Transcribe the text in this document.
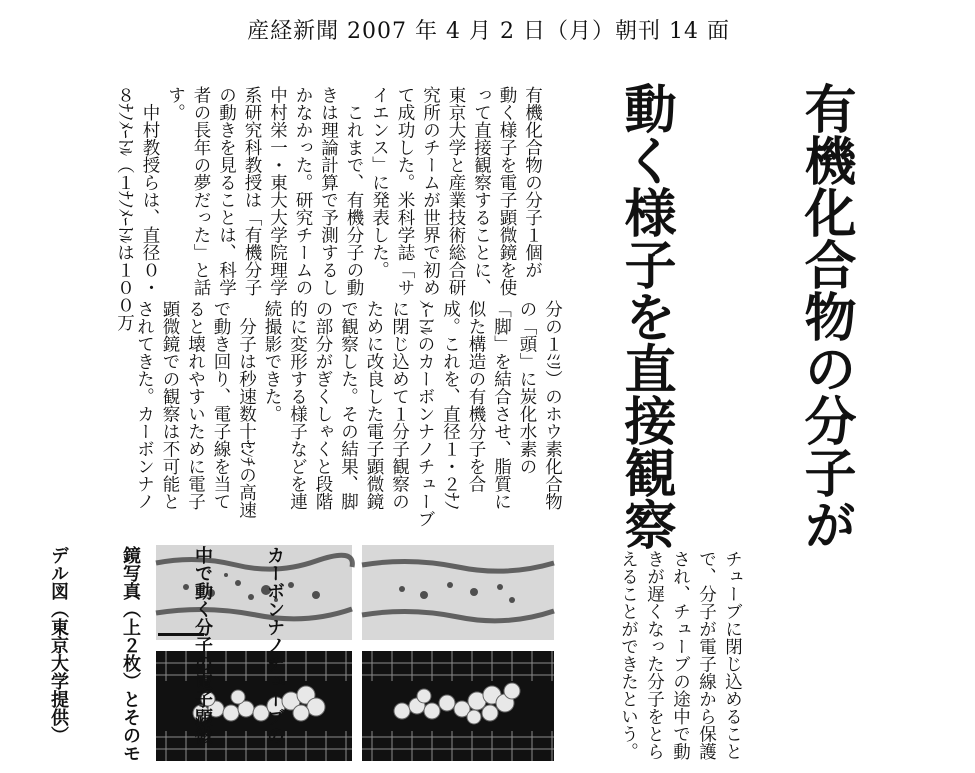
産経新聞 2007 年 4 月 2 日（月）朝刊 14 面

有機化合物の分子が

動く様子を直接観察

有機化合物の分子１個が
動く様子を電子顕微鏡を使
って直接観察することに、
東京大学と産業技術総合研
究所のチームが世界で初め
て成功した。米科学誌「サ
イエンス」に発表した。
　これまで、有機分子の動
きは理論計算で予測するし
かなかった。研究チームの
中村栄一・東大大学院理学
系研究科教授は「有機分子
の動きを見ることは、科学
者の長年の夢だった」と話
す。
　中村教授らは、直径０・
８ﾅﾉﾒｰﾄﾙ（１ﾅﾉﾒｰﾄﾙは１００万
分の１ﾐﾘ）のホウ素化合物
の「頭」に炭化水素の
「脚」を結合させ、脂質に
似た構造の有機分子を合
成。これを、直径１・２ﾅﾉ
ﾒｰﾄﾙのカーボンナノチューブ
に閉じ込めて１分子観察の
ために改良した電子顕微鏡
で観察した。その結果、脚
の部分がぎくしゃくと段階
的に変形する様子などを連
続撮影できた。
　分子は秒速数十ｾﾝﾁの高速
で動き回り、電子線を当て
ると壊れやすいために電子
顕微鏡での観察は不可能と
されてきた。カーボンナノ
チューブに閉じ込めること
で、分子が電子線から保護
され、チューブの途中で動
きが遅くなった分子をとら
えることができたという。

カーボンナノチューブの

中で動く分子の電子顕微

鏡写真（上２枚）とそのモ

デル図（東京大学提供）
